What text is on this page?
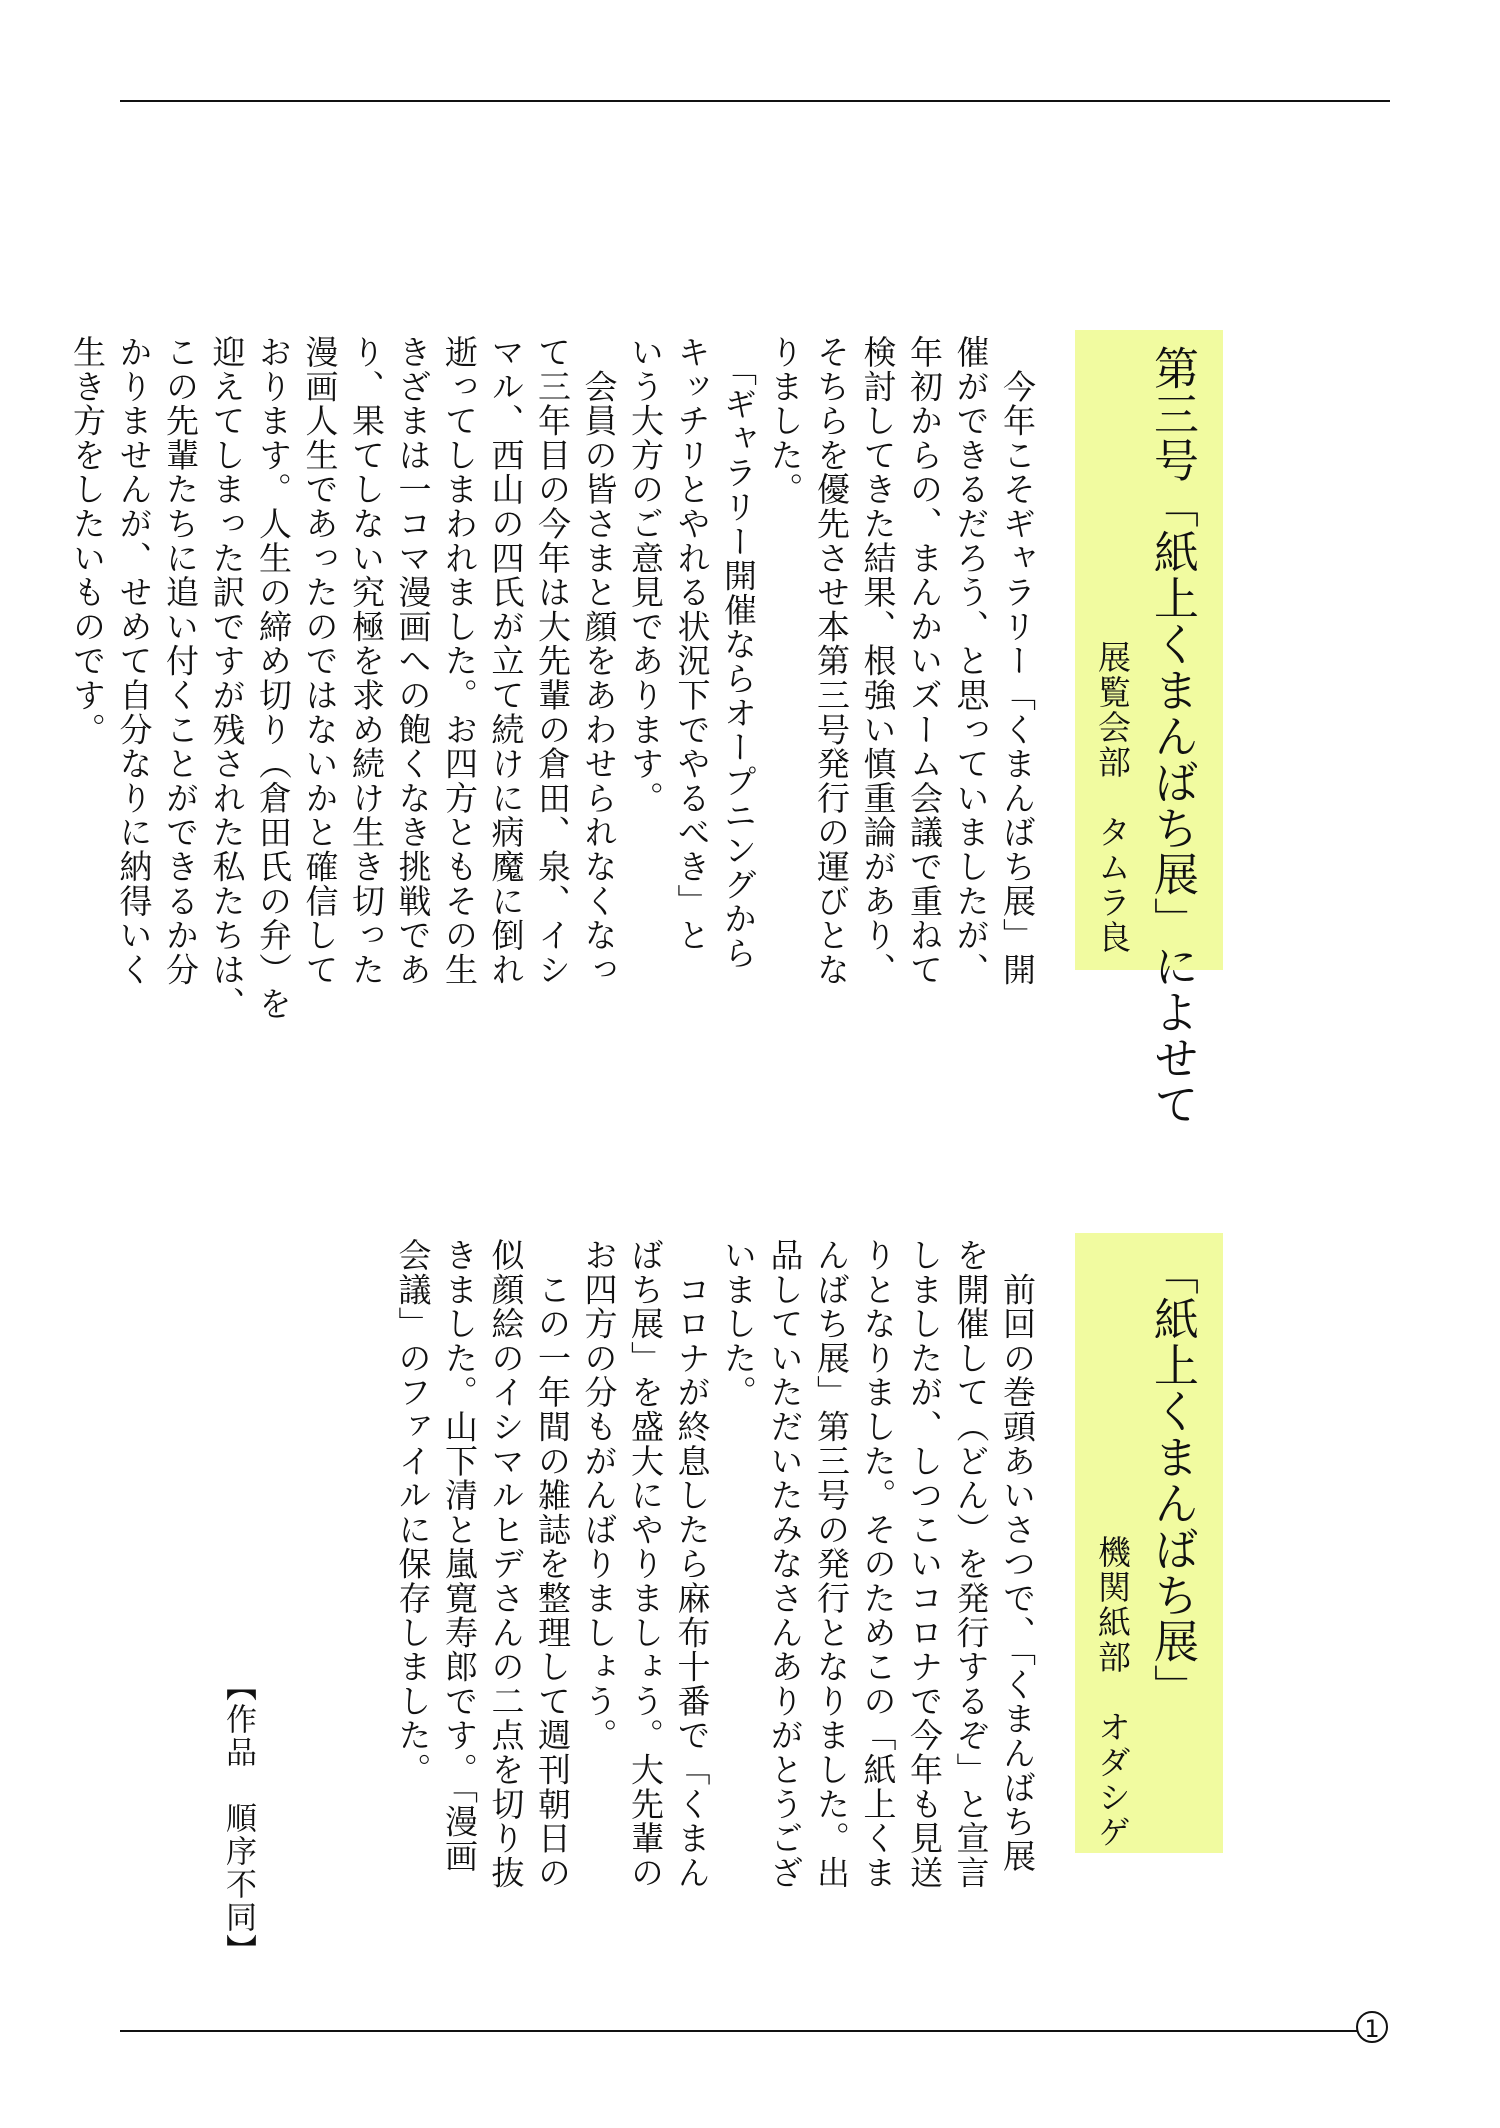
第三号「紙上くまんばち展」によせて
展覧会部　タムラ良
　今年こそギャラリー「くまんばち展」開
催ができるだろう、と思っていましたが、
年初からの、まんかいズーム会議で重ねて
検討してきた結果、根強い慎重論があり、
そちらを優先させ本第三号発行の運びとな
りました。
　「ギャラリー開催ならオープニングから
キッチリとやれる状況下でやるべき」と
いう大方のご意見であります。
　会員の皆さまと顔をあわせられなくなっ
て三年目の今年は大先輩の倉田、泉、イシ
マル、西山の四氏が立て続けに病魔に倒れ
逝ってしまわれました。お四方ともその生
きざまは一コマ漫画への飽くなき挑戦であ
り、果てしない究極を求め続け生き切った
漫画人生であったのではないかと確信して
おります。人生の締め切り（倉田氏の弁）を
迎えてしまった訳ですが残された私たちは、
この先輩たちに追い付くことができるか分
かりませんが、せめて自分なりに納得いく
生き方をしたいものです。
「紙上くまんばち展」
機関紙部　オダシゲ
　前回の巻頭あいさつで、「くまんばち展
を開催して（どん）を発行するぞ」と宣言
しましたが、しつこいコロナで今年も見送
りとなりました。そのためこの「紙上くま
んばち展」第三号の発行となりました。出
品していただいたみなさんありがとうござ
いました。
　コロナが終息したら麻布十番で「くまん
ばち展」を盛大にやりましょう。大先輩の
お四方の分もがんばりましょう。
　この一年間の雑誌を整理して週刊朝日の
似顔絵のイシマルヒデさんの二点を切り抜
きました。山下清と嵐寛寿郎です。「漫画
会議」のファイルに保存しました。
【作品　順序不同】
1
